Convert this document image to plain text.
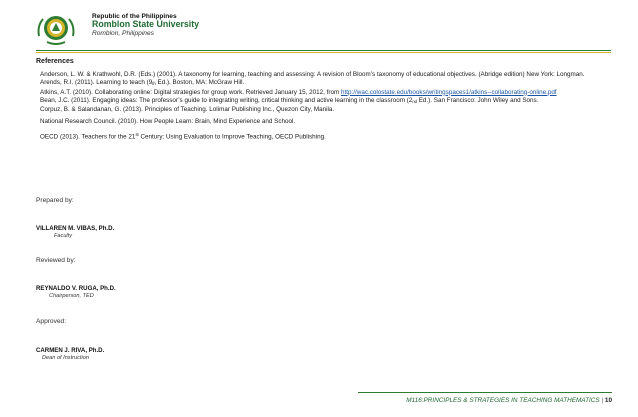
Republic of the Philippines
Romblon State University
Romblon, Philippines
References
Anderson, L. W. & Krathwohl, D.R. (Eds.) (2001). A taxonomy for learning, teaching and assessing: A revision of Bloom’s taxonomy of educational objectives. (Abridge edition) New York: Longman.
Arends, R.I. (2011). Learning to teach ($9_{th}$ Ed.). Boston, MA: McGraw Hill.
Atkins, A.T. (2010). Collaborating online: Digital strategies for group work. Retrieved January 15, 2012, from http://wac.colostate.edu/books/writingspaces1/atkins--collaborating-online.pdf
Bean, J.C. (2011). Engaging ideas: The professor’s guide to integrating writing, critical thinking and active learning in the classroom ($2_{nd}$ Ed.). San Francisco: John Wiley and Sons.
Corpuz, B. & Salandanan, G. (2013). Principles of Teaching. Lolimar Publishing Inc., Quezon City, Manila.
National Research Council. (2010). How People Learn: Brain, Mind Experience and School.
OECD (2013). Teachers for the 21st Century: Using Evaluation to Improve Teaching, OECD Publishing.
Prepared by:
VILLAREN M. VIBAS, Ph.D.
Faculty
Reviewed by:
REYNALDO V. RUGA, Ph.D.
Chairperson, TED
Approved:
CARMEN J. RIVA, Ph.D.
Dean of Instruction
M116:PRINCIPLES & STRATEGIES IN TEACHING MATHEMATICS | 10
